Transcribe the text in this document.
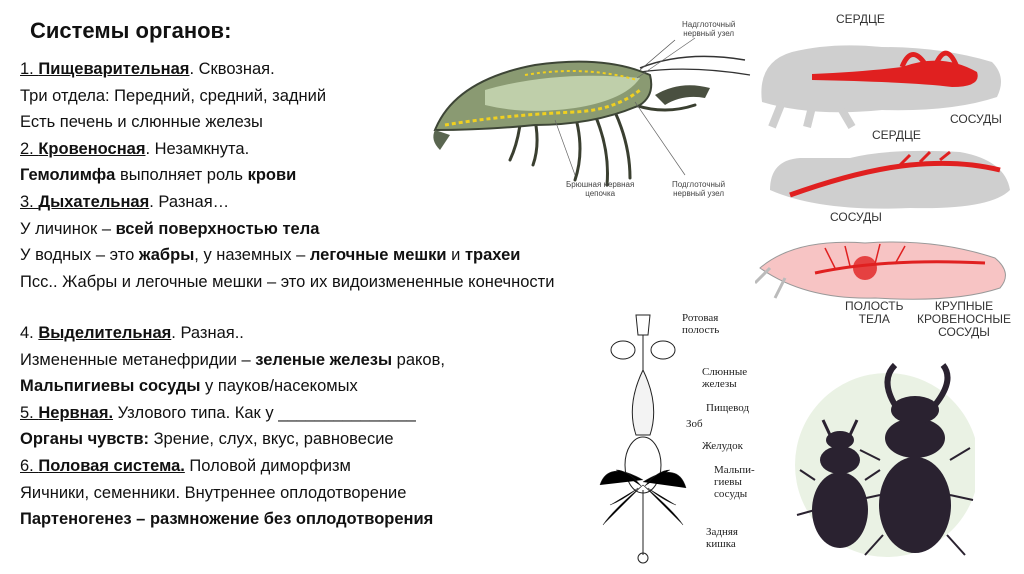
Системы органов:
1. Пищеварительная. Сквозная.
Три отдела: Передний, средний, задний
Есть печень и слюнные железы
2. Кровеносная. Незамкнута.
Гемолимфа выполняет роль крови
3. Дыхательная. Разная…
У личинок – всей поверхностью тела
У водных – это жабры, у наземных – легочные мешки и трахеи
Псс.. Жабры и легочные мешки – это их видоизмененные конечности
4. Выделительная. Разная..
Измененные метанефридии – зеленые железы раков,
Мальпигиевы сосуды у пауков/насекомых
5. Нервная. Узлового типа. Как у _______________
Органы чувств: Зрение, слух, вкус, равновесие
6. Половая система. Половой диморфизм
Яичники, семенники. Внутреннее оплодотворение
Партеногенез – размножение без оплодотворения
Надглоточный
нервный узел
Брюшная нервная
цепочка
Подглоточный
нервный узел
СЕРДЦЕ
СОСУДЫ
СЕРДЦЕ
СОСУДЫ
ПОЛОСТЬ
ТЕЛА
КРУПНЫЕ
КРОВЕНОСНЫЕ
СОСУДЫ
Ротовая
полость
Слюнные
железы
Пищевод
Зоб
Желудок
Мальпи-
гиевы
сосуды
Задняя
кишка
